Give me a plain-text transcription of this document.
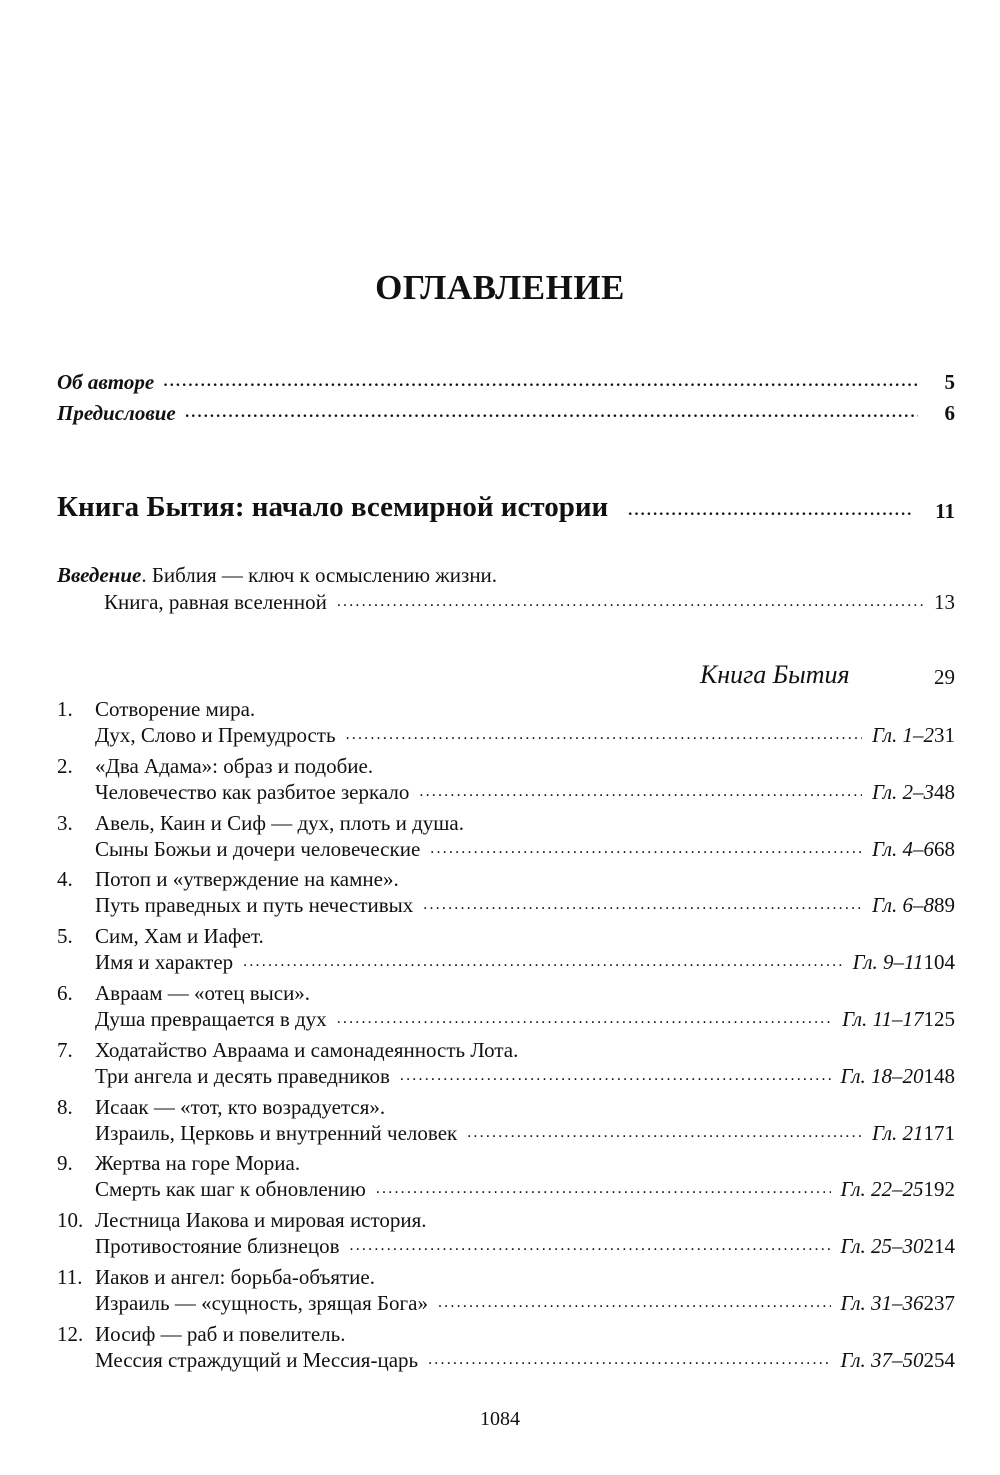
ОГЛАВЛЕНИЕ
Об авторе .....	5
Предисловие .....	6
Книга Бытия: начало всемирной истории .....	11
Введение. Библия — ключ к осмыслению жизни.
Книга, равная вселенной .....	13
Книга Бытия	29
1. Сотворение мира.
Дух, Слово и Премудрость .....	Гл. 1–2 31
2. «Два Адама»: образ и подобие.
Человечество как разбитое зеркало .....	Гл. 2–3 48
3. Авель, Каин и Сиф — дух, плоть и душа.
Сыны Божьи и дочери человеческие .....	Гл. 4–6 68
4. Потоп и «утверждение на камне».
Путь праведных и путь нечестивых .....	Гл. 6–8 89
5. Сим, Хам и Иафет.
Имя и характер .....	Гл. 9–11 104
6. Авраам — «отец выси».
Душа превращается в дух .....	Гл. 11–17 125
7. Ходатайство Авраама и самонадеянность Лота.
Три ангела и десять праведников .....	Гл. 18–20 148
8. Исаак — «тот, кто возрадуется».
Израиль, Церковь и внутренний человек .....	Гл. 21 171
9. Жертва на горе Мориа.
Смерть как шаг к обновлению .....	Гл. 22–25 192
10. Лестница Иакова и мировая история.
Противостояние близнецов .....	Гл. 25–30 214
11. Иаков и ангел: борьба-объятие.
Израиль — «сущность, зрящая Бога» .....	Гл. 31–36 237
12. Иосиф — раб и повелитель.
Мессия страждущий и Мессия-царь .....	Гл. 37–50 254
1084
